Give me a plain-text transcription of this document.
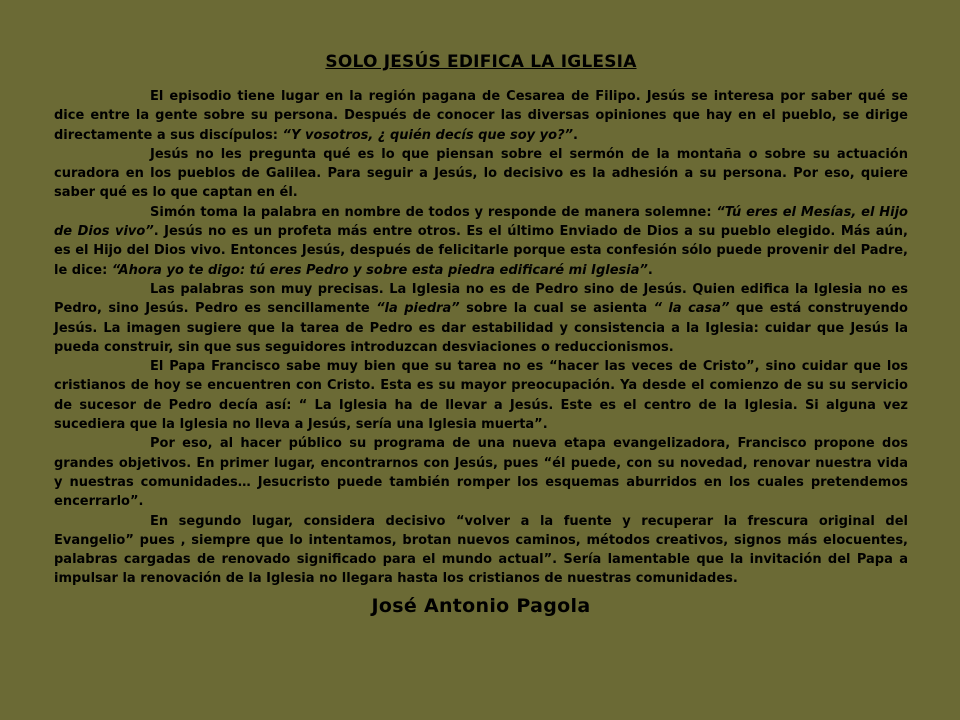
SOLO JESÚS EDIFICA LA IGLESIA

El episodio tiene lugar en la región pagana de Cesarea de Filipo. Jesús se interesa por saber qué se dice entre la gente sobre su persona. Después de conocer las diversas opiniones que hay en el pueblo, se dirige directamente a sus discípulos: “Y vosotros, ¿ quién decís que soy yo?”.

Jesús no les pregunta qué es lo que piensan sobre el sermón de la montaña o sobre su actuación curadora en los pueblos de Galilea. Para seguir a Jesús, lo decisivo es la adhesión a su persona. Por eso, quiere saber qué es lo que captan en él.

Simón toma la palabra en nombre de todos y responde de manera solemne: “Tú eres el Mesías, el Hijo de Dios vivo”. Jesús no es un profeta más entre otros. Es el último Enviado de Dios a su pueblo elegido. Más aún, es el Hijo del Dios vivo. Entonces Jesús, después de felicitarle porque esta confesión sólo puede provenir del Padre, le dice: “Ahora yo te digo: tú eres Pedro y sobre esta piedra edificaré mi Iglesia”.

Las palabras son muy precisas. La Iglesia no es de Pedro sino de Jesús. Quien edifica la Iglesia no es Pedro, sino Jesús. Pedro es sencillamente “la piedra” sobre la cual se asienta “ la casa” que está construyendo Jesús. La imagen sugiere que la tarea de Pedro es dar estabilidad y consistencia a la Iglesia: cuidar que Jesús la pueda construir, sin que sus seguidores introduzcan desviaciones o reduccionismos.

El Papa Francisco sabe muy bien que su tarea no es “hacer las veces de Cristo”, sino cuidar que los cristianos de hoy se encuentren con Cristo. Esta es su mayor preocupación. Ya desde el comienzo de su su servicio de sucesor de Pedro decía así: “ La Iglesia ha de llevar a Jesús. Este es el centro de la Iglesia. Si alguna vez sucediera que la Iglesia no lleva a Jesús, sería una Iglesia muerta”.

Por eso, al hacer público su programa de una nueva etapa evangelizadora, Francisco propone dos grandes objetivos. En primer lugar, encontrarnos con Jesús, pues “él puede, con su novedad, renovar nuestra vida y nuestras comunidades… Jesucristo puede también romper los esquemas aburridos en los cuales pretendemos encerrarlo”.

En segundo lugar, considera decisivo “volver a la fuente y recuperar la frescura original del Evangelio” pues , siempre que lo intentamos, brotan nuevos caminos, métodos creativos, signos más elocuentes, palabras cargadas de renovado significado para el mundo actual”. Sería lamentable que la invitación del Papa a impulsar la renovación de la Iglesia no llegara hasta los cristianos de nuestras comunidades.

José Antonio Pagola
